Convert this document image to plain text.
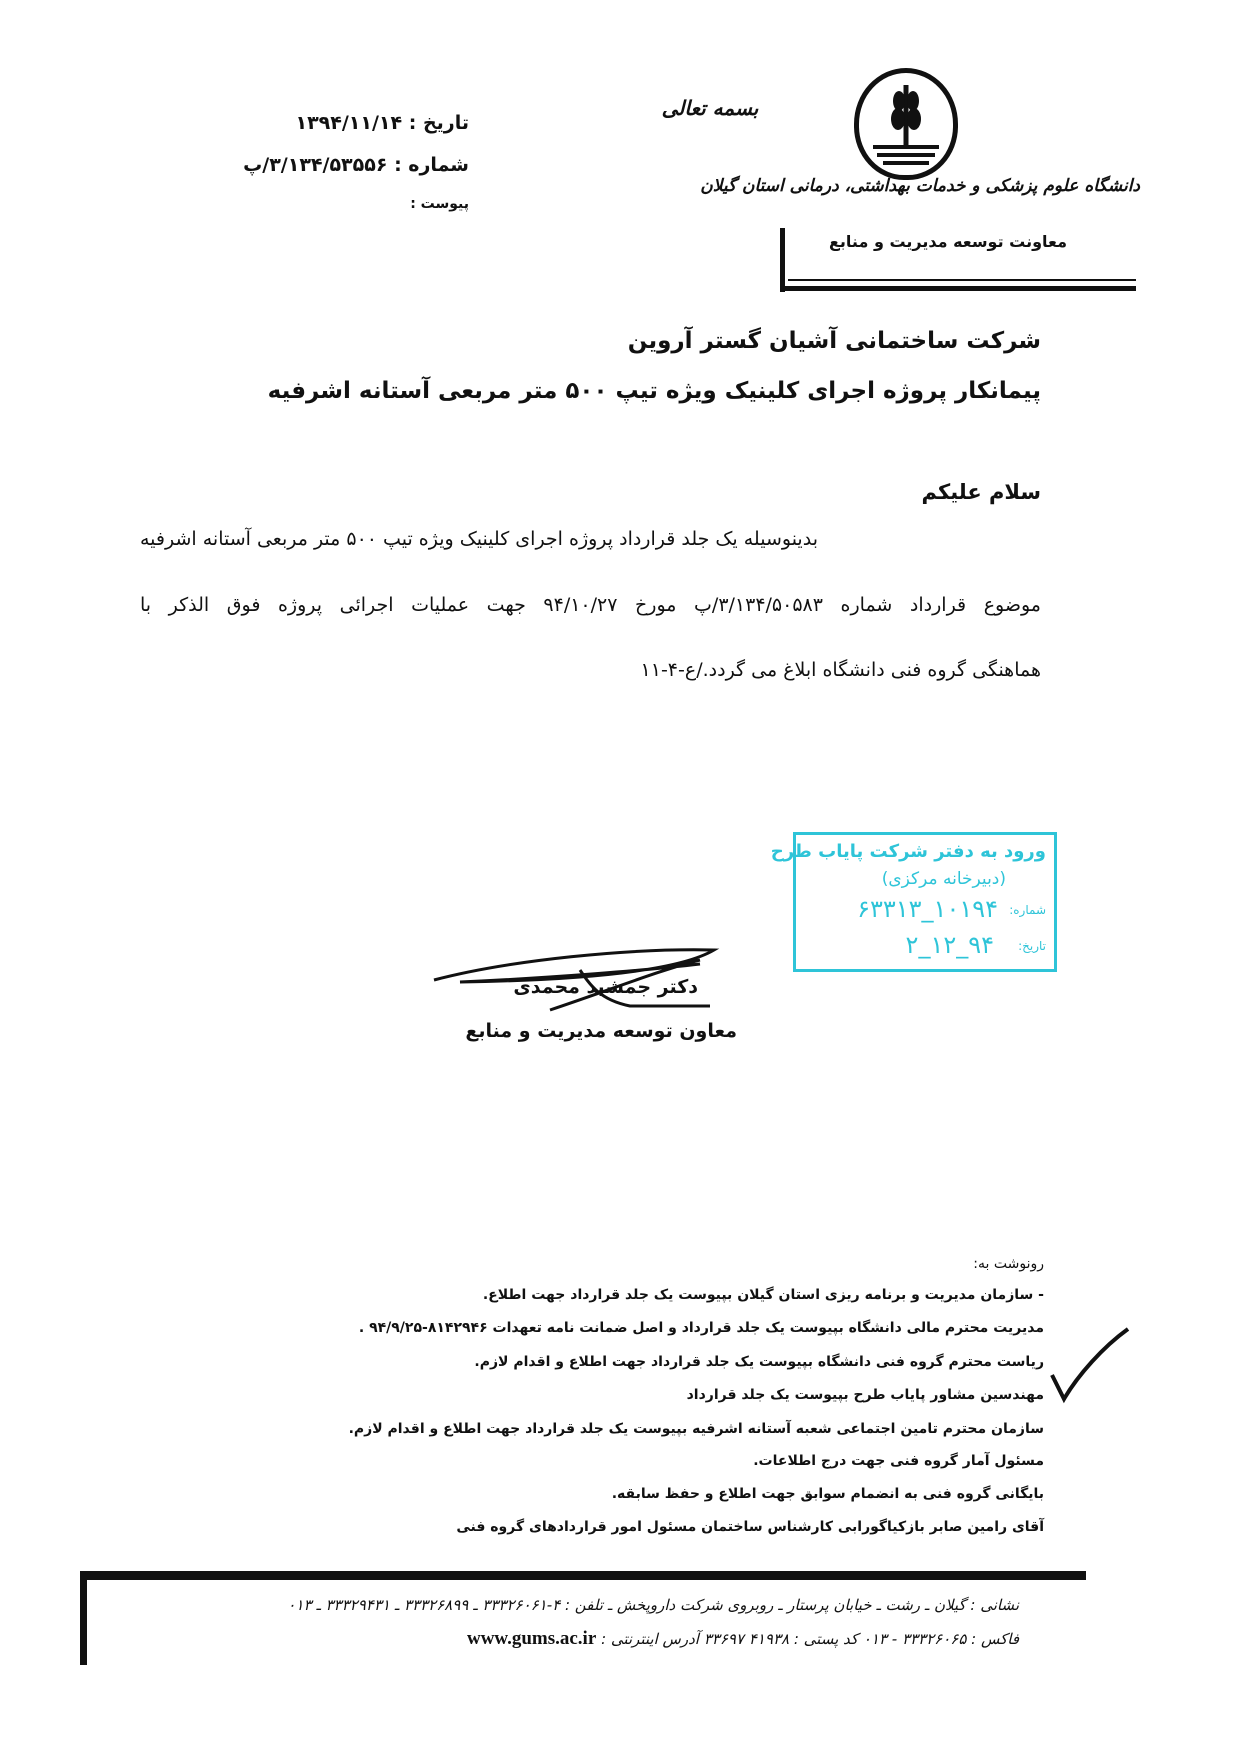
بسمه تعالی
دانشگاه علوم پزشکی و خدمات بهداشتی، درمانی استان گیلان
معاونت توسعه مدیریت و منابع
تاریخ : ۱۳۹۴/۱۱/۱۴
شماره : ۳/۱۳۴/۵۳۵۵۶/پ
پیوست :
شرکت ساختمانی آشیان گستر آروین
پیمانکار پروژه اجرای کلینیک ویژه تیپ ۵۰۰ متر مربعی آستانه اشرفیه
سلام علیکم
بدینوسیله یک جلد قرارداد پروژه اجرای کلینیک ویژه تیپ ۵۰۰ متر مربعی آستانه اشرفیه
موضوع قرارداد شماره ۳/۱۳۴/۵۰۵۸۳/پ مورخ ۹۴/۱۰/۲۷ جهت عملیات اجرائی پروژه فوق الذکر با
هماهنگی گروه فنی دانشگاه ابلاغ می گردد./ع-۴-۱۱
ورود به دفتر شرکت پایاب طرح
(دبیرخانه مرکزی)
شماره:
۱۰۱۹۴_۶۳۳۱۳
تاریخ:
۹۴_۱۲_۲
دکتر جمشید محمدی
معاون توسعه مدیریت و منابع
رونوشت به:
- سازمان مدیریت و برنامه ریزی استان گیلان بپیوست یک جلد قرارداد جهت اطلاع.
مدیریت محترم مالی دانشگاه بپیوست یک جلد قرارداد و اصل ضمانت نامه تعهدات ۸۱۴۲۹۴۶-۹۴/۹/۲۵ .
ریاست محترم گروه فنی دانشگاه بپیوست یک جلد قرارداد جهت اطلاع و اقدام لازم.
مهندسین مشاور پایاب طرح بپیوست یک جلد قرارداد
سازمان محترم تامین اجتماعی شعبه آستانه اشرفیه بپیوست یک جلد قرارداد جهت اطلاع و اقدام لازم.
مسئول آمار گروه فنی جهت درج اطلاعات.
بایگانی گروه فنی به انضمام سوابق جهت اطلاع و حفظ سابقه.
آقای رامین صابر بازکیاگورابی کارشناس ساختمان مسئول امور قراردادهای گروه فنی
نشانی : گیلان ـ رشت ـ خیابان پرستار ـ روبروی شرکت داروپخش ـ تلفن : ۴-۳۳۳۲۶۰۶۱ ـ ۳۳۳۲۶۸۹۹ ـ ۳۳۳۲۹۴۳۱ ـ ۰۱۳
فاکس : ۳۳۳۲۶۰۶۵ - ۰۱۳ کد پستی : ۴۱۹۳۸ ۳۳۶۹۷ آدرس اینترنتی : www.gums.ac.ir
